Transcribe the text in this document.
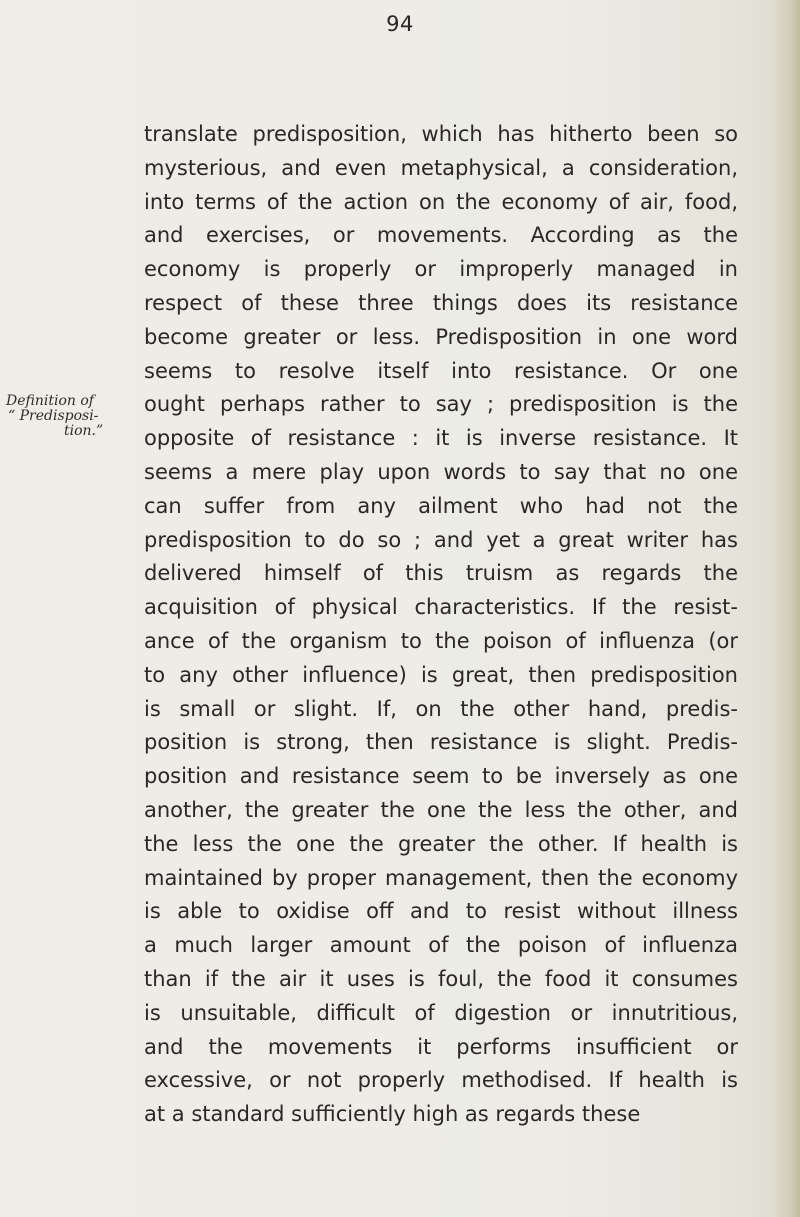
94
Definition of
“ Predisposi-
tion.”
translate predisposition, which has hitherto been so
mysterious, and even metaphysical, a consideration,
into terms of the action on the economy of air, food,
and exercises, or movements. According as the
economy is properly or improperly managed in
respect of these three things does its resistance
become greater or less. Predisposition in one word
seems to resolve itself into resistance. Or one
ought perhaps rather to say ; predisposition is the
opposite of resistance : it is inverse resistance. It
seems a mere play upon words to say that no one
can suffer from any ailment who had not the
predisposition to do so ; and yet a great writer has
delivered himself of this truism as regards the
acquisition of physical characteristics. If the resist-
ance of the organism to the poison of influenza (or
to any other influence) is great, then predisposition
is small or slight. If, on the other hand, predis-
position is strong, then resistance is slight. Predis-
position and resistance seem to be inversely as one
another, the greater the one the less the other, and
the less the one the greater the other. If health is
maintained by proper management, then the economy
is able to oxidise off and to resist without illness
a much larger amount of the poison of influenza
than if the air it uses is foul, the food it consumes
is unsuitable, difficult of digestion or innutritious,
and the movements it performs insufficient or
excessive, or not properly methodised. If health is
at a standard sufficiently high as regards these
